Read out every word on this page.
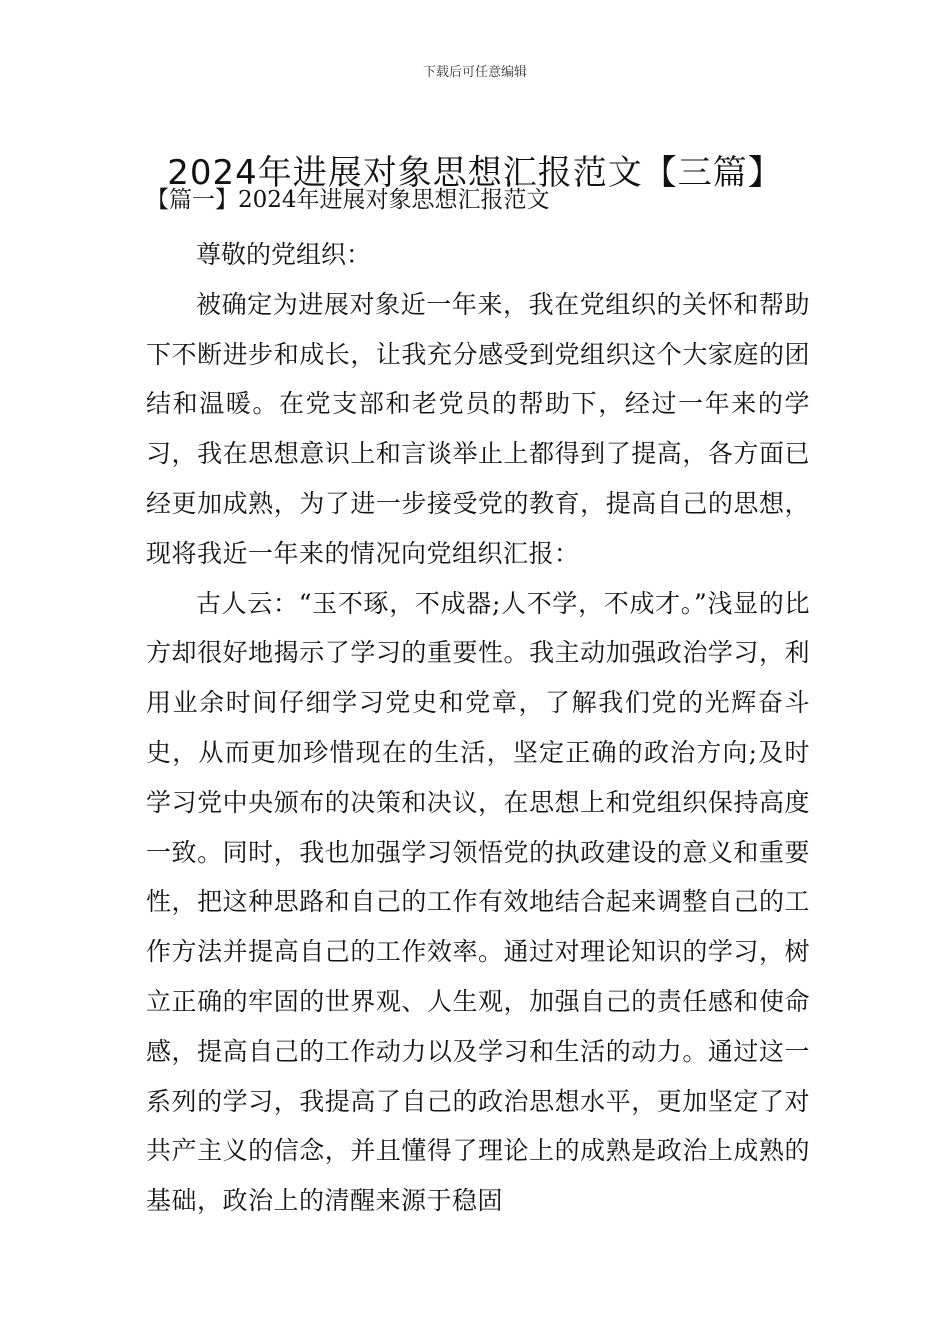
下载后可任意编辑
2024年进展对象思想汇报范文【三篇】
【篇一】2024年进展对象思想汇报范文

尊敬的党组织：

被确定为进展对象近一年来，我在党组织的关怀和帮助下不断进步和成长，让我充分感受到党组织这个大家庭的团结和温暖。在党支部和老党员的帮助下，经过一年来的学习，我在思想意识上和言谈举止上都得到了提高，各方面已经更加成熟，为了进一步接受党的教育，提高自己的思想，现将我近一年来的情况向党组织汇报：

古人云：“玉不琢，不成器;人不学，不成才。”浅显的比方却很好地揭示了学习的重要性。我主动加强政治学习，利用业余时间仔细学习党史和党章，了解我们党的光辉奋斗史，从而更加珍惜现在的生活，坚定正确的政治方向;及时学习党中央颁布的决策和决议，在思想上和党组织保持高度一致。同时，我也加强学习领悟党的执政建设的意义和重要性，把这种思路和自己的工作有效地结合起来调整自己的工作方法并提高自己的工作效率。通过对理论知识的学习，树立正确的牢固的世界观、人生观，加强自己的责任感和使命感，提高自己的工作动力以及学习和生活的动力。通过这一系列的学习，我提高了自己的政治思想水平，更加坚定了对共产主义的信念，并且懂得了理论上的成熟是政治上成熟的基础，政治上的清醒来源于稳固
